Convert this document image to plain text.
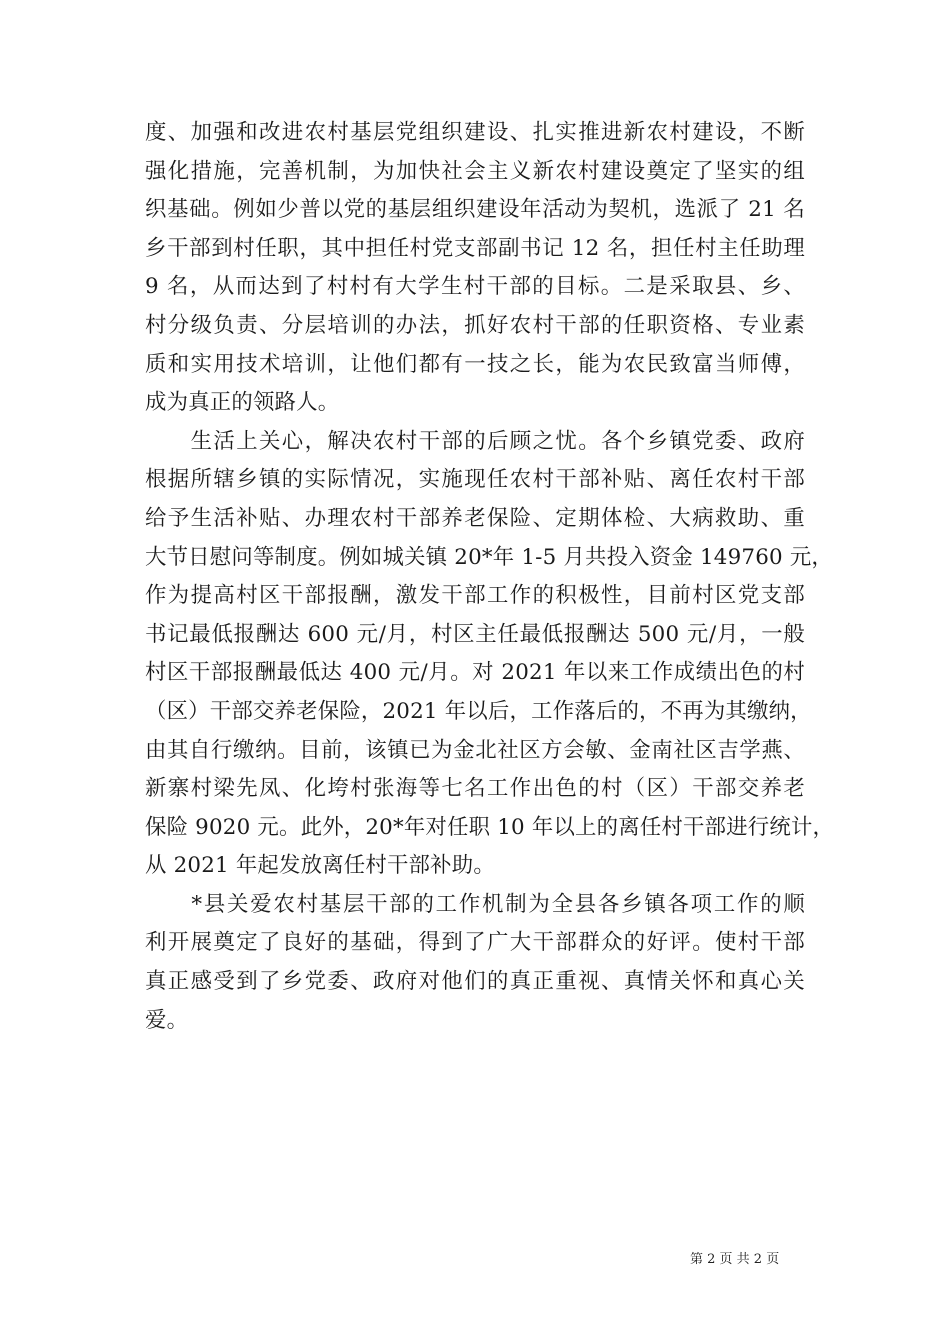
度、加强和改进农村基层党组织建设、扎实推进新农村建设，不断
强化措施，完善机制，为加快社会主义新农村建设奠定了坚实的组
织基础。例如少普以党的基层组织建设年活动为契机，选派了 21 名
乡干部到村任职，其中担任村党支部副书记 12 名，担任村主任助理
9 名，从而达到了村村有大学生村干部的目标。二是采取县、乡、
村分级负责、分层培训的办法，抓好农村干部的任职资格、专业素
质和实用技术培训，让他们都有一技之长，能为农民致富当师傅，
成为真正的领路人。
　　生活上关心，解决农村干部的后顾之忧。各个乡镇党委、政府
根据所辖乡镇的实际情况，实施现任农村干部补贴、离任农村干部
给予生活补贴、办理农村干部养老保险、定期体检、大病救助、重
大节日慰问等制度。例如城关镇 20*年 1-5 月共投入资金 149760 元，
作为提高村区干部报酬，激发干部工作的积极性，目前村区党支部
书记最低报酬达 600 元/月，村区主任最低报酬达 500 元/月，一般
村区干部报酬最低达 400 元/月。对 2021 年以来工作成绩出色的村
（区）干部交养老保险，2021 年以后，工作落后的，不再为其缴纳，
由其自行缴纳。目前，该镇已为金北社区方会敏、金南社区吉学燕、
新寨村梁先凤、化垮村张海等七名工作出色的村（区）干部交养老
保险 9020 元。此外，20*年对任职 10 年以上的离任村干部进行统计，
从 2021 年起发放离任村干部补助。
　　*县关爱农村基层干部的工作机制为全县各乡镇各项工作的顺
利开展奠定了良好的基础，得到了广大干部群众的好评。使村干部
真正感受到了乡党委、政府对他们的真正重视、真情关怀和真心关
爱。
第 2 页 共 2 页
